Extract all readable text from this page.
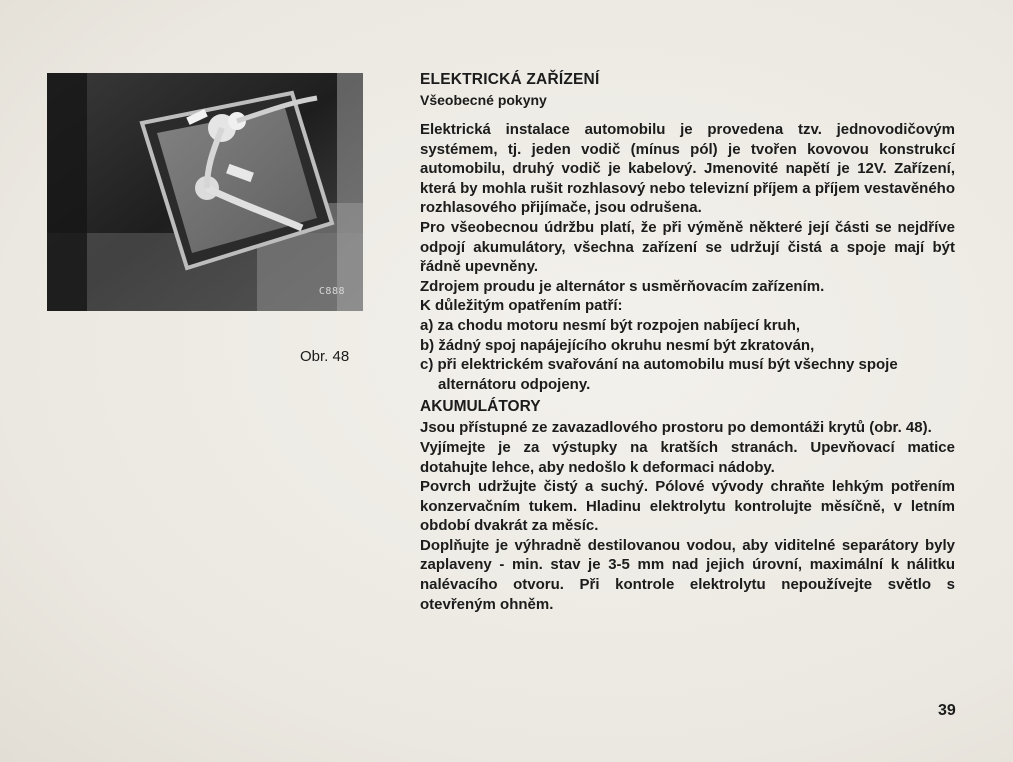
C888
Obr. 48
ELEKTRICKÁ ZAŘÍZENÍ
Všeobecné pokyny

Elektrická instalace automobilu je provedena tzv. jednovodičovým systémem, tj. jeden vodič (mínus pól) je tvořen kovovou konstrukcí automobilu, druhý vodič je kabelový. Jmenovité napětí je 12V. Zařízení, která by mohla rušit rozhlasový nebo televizní příjem a příjem vestavěného rozhlasového přijímače, jsou odrušena.

Pro všeobecnou údržbu platí, že při výměně některé její části se nejdříve odpojí akumulátory, všechna zařízení se udržují čistá a spoje mají být řádně upevněny.

Zdrojem proudu je alternátor s usměrňovacím zařízením.

K důležitým opatřením patří:

a) za chodu motoru nesmí být rozpojen nabíjecí kruh,
b) žádný spoj napájejícího okruhu nesmí být zkratován,
c) při elektrickém svařování na automobilu musí být všechny spoje alternátoru odpojeny.
AKUMULÁTORY

Jsou přístupné ze zavazadlového prostoru po demontáži krytů (obr. 48).

Vyjímejte je za výstupky na kratších stranách. Upevňovací matice dotahujte lehce, aby nedošlo k deformaci nádoby.

Povrch udržujte čistý a suchý. Pólové vývody chraňte lehkým potřením konzervačním tukem. Hladinu elektrolytu kontrolujte měsíčně, v letním období dvakrát za měsíc.

Doplňujte je výhradně destilovanou vodou, aby viditelné separátory byly zaplaveny - min. stav je 3-5 mm nad jejich úrovní, maximální k nálitku nalévacího otvoru. Při kontrole elektrolytu nepoužívejte světlo s otevřeným ohněm.

39
